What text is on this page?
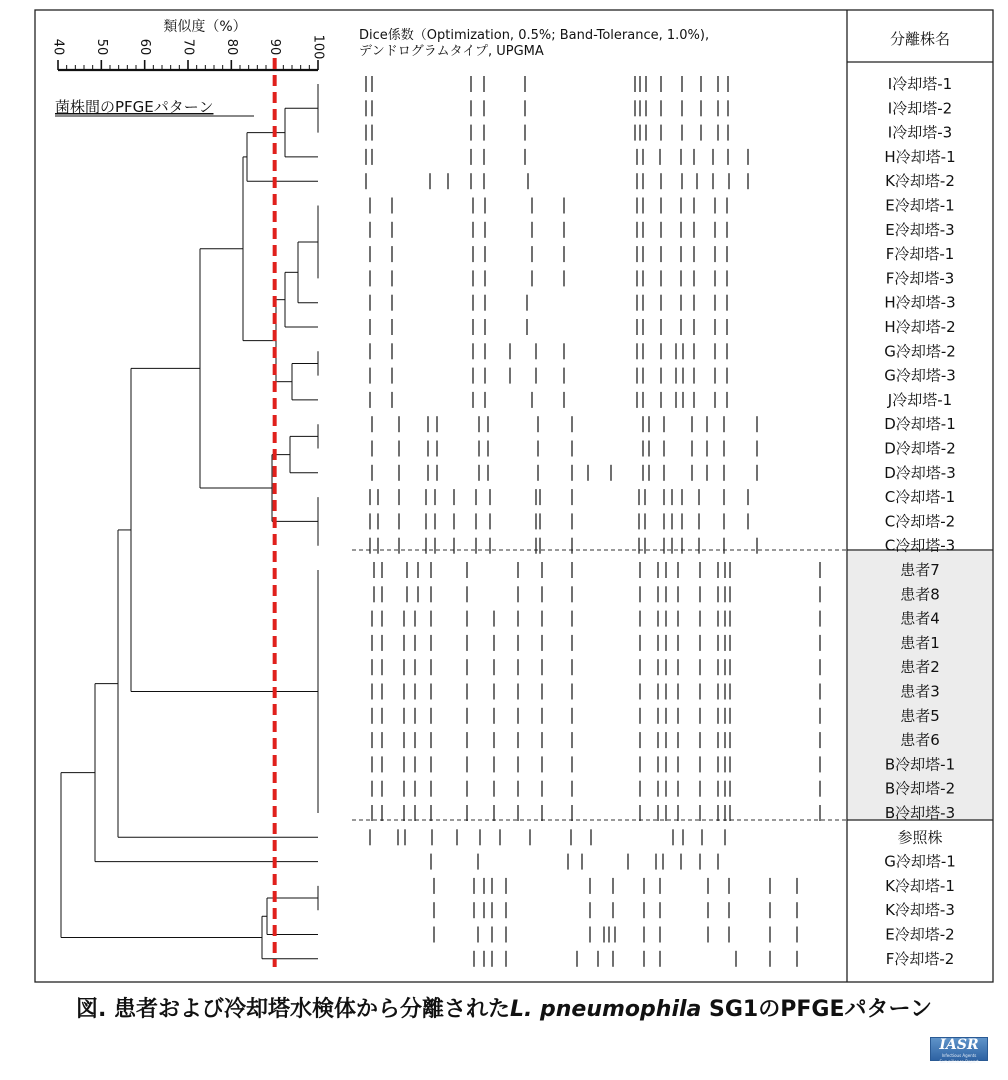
類似度（%）
40 50 60 70 80 90 100
菌株間のPFGEパターン
Dice係数（Optimization, 0.5%; Band-Tolerance, 1.0%),
デンドログラムタイプ, UPGMA
分離株名
I冷却塔-1
I冷却塔-2
I冷却塔-3
H冷却塔-1
K冷却塔-2
E冷却塔-1
E冷却塔-3
F冷却塔-1
F冷却塔-3
H冷却塔-3
H冷却塔-2
G冷却塔-2
G冷却塔-3
J冷却塔-1
D冷却塔-1
D冷却塔-2
D冷却塔-3
C冷却塔-1
C冷却塔-2
C冷却塔-3
患者7
患者8
患者4
患者1
患者2
患者3
患者5
患者6
B冷却塔-1
B冷却塔-2
B冷却塔-3
参照株
G冷却塔-1
K冷却塔-1
K冷却塔-3
E冷却塔-2
F冷却塔-2
図. 患者および冷却塔水検体から分離されたL. pneumophila SG1のPFGEパターン
IASR
Infectious Agents Surveillance Report
